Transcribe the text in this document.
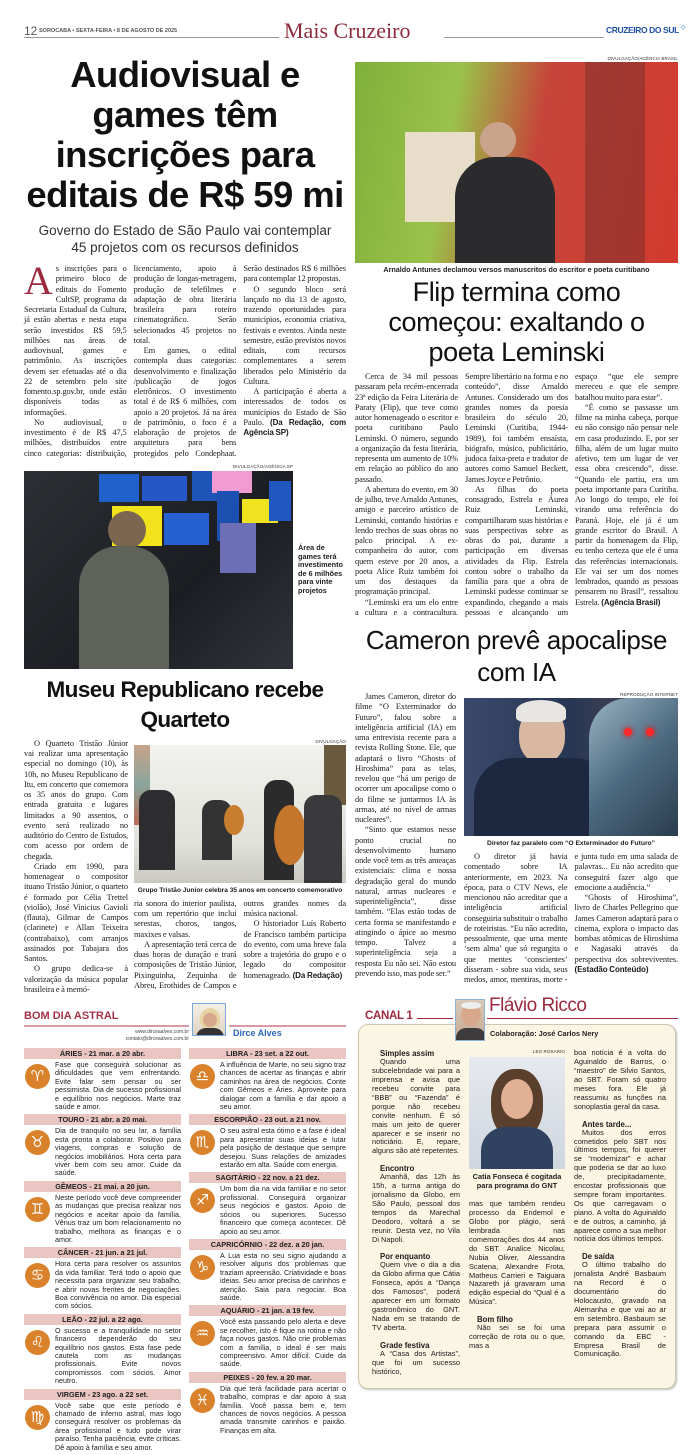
12 SOROCABA • SEXTA-FEIRA • 8 DE AGOSTO DE 2025	Mais Cruzeiro	CRUZEIRO DO SUL ✧
Audiovisual e games têm inscrições para editais de R$ 59 mi
Governo do Estado de São Paulo vai contemplar 45 projetos com os recursos definidos

As inscrições para o primeiro bloco de editais do Fomento CultSP, programa da Secretaria Estadual da Cultura, já estão abertas e nesta etapa serão investidos R$ 59,5 milhões nas áreas de audiovisual, games e patrimônio. As inscrições devem ser efetuadas até o dia 22 de setembro pelo site fomento.sp.gov.br, onde estão disponíveis todas as informações.

No audiovisual, o investimento é de R$ 47,5 milhões, distribuídos entre cinco categorias: distribuição, licenciamento, apoio à produção de longas-metragens, produção de telefilmes e adaptação de obra literária brasileira para roteiro cinematográfico. Serão selecionados 45 projetos no total.

Em games, o edital contempla duas categorias: desenvolvimento e finalização /publicação de jogos eletrônicos. O investimento total é de R$ 6 milhões, com apoio a 20 projetos. Já na área de patrimônio, o foco é a elaboração de projetos de arquitetura para bens protegidos pelo Condephaat. Serão destinados R$ 6 milhões para contemplar 12 propostas.

O segundo bloco será lançado no dia 13 de agosto, trazendo oportunidades para municípios, economia criativa, festivais e eventos. Ainda neste semestre, estão previstos novos editais, com recursos complementares a serem liberados pelo Ministério da Cultura.

A participação é aberta a interessados de todos os municípios do Estado de São Paulo. (Da Redação, com Agência SP)

DIVULGAÇÃO/AGÊNCIA SP
Área de games terá investimento de 6 milhões para vinte projetos
Museu Republicano recebe Quarteto

O Quarteto Tristão Júnior vai realizar uma apresentação especial no domingo (10), às 10h, no Museu Republicano de Itu, em concerto que comemora os 35 anos do grupo. Com entrada gratuita e lugares limitados a 90 assentos, o evento será realizado no auditório do Centro de Estudos, com acesso por ordem de chegada.

Criado em 1990, para homenagear o compositor ituano Tristão Júnior, o quarteto é formado por Célia Trettel (violão), José Vinicius Gavioli (flauta), Gilmar de Campos (clarinete) e Allan Teixeira (contrabaixo), com arranjos assinados por Tabajara dos Santos.

O grupo dedica-se à valorização da música popular brasileira e à memó-

DIVULGAÇÃO
Grupo Tristão Junior celebra 35 anos em concerto comemorativo

ria sonora do interior paulista, com um repertório que inclui serestas, choros, tangos, maxixes e valsas.

A apresentação terá cerca de duas horas de duração e trará composições de Tristão Júnior, Pixinguinha, Zequinha de Abreu, Erothides de Campos e outros grandes nomes da música nacional.

O historiador Luís Roberto de Francisco também participa do evento, com uma breve fala sobre a trajetória do grupo e o legado do compositor homenageado. (Da Redação)

BOM DIA ASTRAL
www.dirceaalves.com.br
contato@dirceaalves.com.br
Dirce Alves
ÁRIES - 21 mar. a 20 abr.
♈
Fase que conseguirá solucionar as dificuldades que vem enfrentando. Evite falar sem pensar ou ser pessimista. Dia de sucesso profissional e equilíbrio nos negócios. Marte traz saúde e amor.
TOURO - 21 abr. a 20 mai.
♉
Dia de tranquilo no seu lar, a família esta pronta a colaborar. Positivo para viagens, compras e solução de negócios imobiliários. Hora certa para viver bem com seu amor. Cuide da saúde.
GÊMEOS - 21 mai. a 20 jun.
♊
Neste período você deve compreender as mudanças que precisa realizar nos negócios e aceitar apoio da família. Vênus traz um bom relacionamento no trabalho, melhora as finanças e o amor.
CÂNCER - 21 jun. a 21 jul.
♋
Hora certa para resolver os assuntos da vida familiar. Terá todo o apoio que necessita para organizar seu trabalho, e abrir novas frentes de negociações. Boa convivência no amor. Dia especial com sócios.
LEÃO - 22 jul. a 22 ago.
♌
O sucesso e a tranquilidade no setor financeiro dependerão do seu equilíbrio nos gastos. Esta fase pede cautela com as mudanças profissionais. Evite novos compromissos com sócios. Amor neutro.
VIRGEM - 23 ago. a 22 set.
♍
Você sabe que este período é chamado de inferno astral, mas logo conseguirá resolver os problemas da área profissional e tudo pode virar paraíso. Tenha paciência, evite críticas. Dê apoio à família e seu amor.
LIBRA - 23 set. a 22 out.
♎
A influência de Marte, no seu signo traz chances de acertar as finanças e abrir caminhos na área de negócios. Conte com Gêmeos e Áries. Aproveite para dialogar com a família e dar apoio a seu amor.
ESCORPIÃO - 23 out. a 21 nov.
♏
O seu astral esta ótimo e a fase é ideal para apresentar suas ideias e lutar pela posição de destaque que sempre desejou. Suas relações de amizades estarão em alta. Saúde com energia.
SAGITÁRIO - 22 nov. a 21 dez.
♐
Um bom dia na vida familiar e no setor profissional. Conseguirá organizar seus negócios e gastos. Apoio de sócios ou superiores. Sucesso financeiro que começa acontecer. Dê apoio ao seu amor.
CAPRICÓRNIO - 22 dez. a 20 jan.
♑
A Lua esta no seu signo ajudando a resolver alguns dos problemas que traziam apreensão. Criatividade e boas ideias. Seu amor precisa de carinhos e atenção. Saia para negociar. Boa saúde.
AQUÁRIO - 21 jan. a 19 fev.
♒
Você esta passando pelo alerta e deve se recolher, isto é fique na rotina e não faça novos gastos. Não crie problemas com a família, o ideal é ser mais compreensivo. Amor difícil. Cuide da saúde.
PEIXES - 20 fev. a 20 mar.
♓
Dia que terá facilidade para acertar o trabalho, compras e dar apoio à sua família. Você passa bem e, tem chances de novos negócios. A pessoa amada transmite carinhos e paixão. Finanças em alta.
DIVULGAÇÃO/AGÊNCIA BRASIL
Arnaldo Antunes declamou versos manuscritos do escritor e poeta curitibano
Flip termina como começou: exaltando o poeta Leminski

Cerca de 34 mil pessoas passaram pela recém-encerrada 23ª edição da Feira Literária de Paraty (Flip), que teve como autor homenageado o escritor e poeta curitibano Paulo Leminski. O número, segundo a organização da festa literária, representa um aumento de 10% em relação ao público do ano passado.

A abertura do evento, em 30 de julho, teve Arnaldo Antunes, amigo e parceiro artístico de Leminski, contando histórias e lendo trechos de suas obras no palco principal. A ex-companheira do autor, com quem esteve por 20 anos, a poeta Alice Ruiz também foi um dos destaques da programação principal.

“Leminski era um elo entre a cultura e a contracultura. Sempre libertário na forma e no conteúdo”, disse Arnaldo Antunes. Considerado um dos grandes nomes da poesia brasileira do século 20, Leminski (Curitiba, 1944-1989), foi também ensaísta, biógrafo, músico, publicitário, judoca faixa-preta e tradutor de autores como Samuel Beckett, James Joyce e Petrônio.

As filhas do poeta consagrado, Estrela e Áurea Ruiz Leminski, compartilharam suas histórias e suas perspectivas sobre as obras do pai, durante a participação em diversas atividades da Flip. Estrela contou sobre o trabalho da família para que a obra de Leminski pudesse continuar se expandindo, chegando a mais pessoas e alcançando um espaço “que ele sempre mereceu e que ele sempre batalhou muito para estar”.

“É como se passasse um filme na minha cabeça, porque eu não consigo não pensar nele em casa produzindo. E, por ser filha, além de um lugar muito afetivo, tem um lugar de ver essa obra crescendo”, disse. “Quando ele partiu, era um poeta importante para Curitiba. Ao longo do tempo, ele foi virando uma referência do Paraná. Hoje, ele já é um grande escritor do Brasil. A partir da homenagem da Flip, eu tenho certeza que ele é uma das referências internacionais. Ele vai ser um dos nomes lembrados, quando as pessoas pensarem no Brasil”, ressaltou Estrela. (Agência Brasil)

Cameron prevê apocalipse com IA

James Cameron, diretor do filme “O Exterminador do Futuro”, falou sobre a inteligência artificial (IA) em uma entrevista recente para a revista Rolling Stone. Ele, que adaptará o livro “Ghosts of Hiroshima” para as telas, revelou que “há um perigo de ocorrer um apocalipse como o do filme se juntarmos IA às armas, até no nível de armas nucleares”.

“Sinto que estamos nesse ponto crucial no desenvolvimento humano onde você tem as três ameaças existenciais: clima e nossa degradação geral do mundo natural, armas nucleares e superinteligência”, disse também. “Elas estão todas de certa forma se manifestando e atingindo o ápice ao mesmo tempo. Talvez a superinteligência seja a resposta Eu não sei. Não estou prevendo isso, mas pode ser.”

REPRODUÇÃO INTERNET
Diretor faz paralelo com “O Exterminador do Futuro”

O diretor já havia comentado sobre IA anteriormente, em 2023. Na época, para o CTV News, ele mencionou não acreditar que a inteligência artificial conseguiria substituir o trabalho de roteiristas. “Eu não acredito, pessoalmente, que uma mente ‘sem alma’ que só regurgita o que mentes ‘conscientes’ disseram - sobre sua vida, seus medos, amor, mentiras, morte - e junta tudo em uma salada de palavras... Eu não acredito que conseguirá fazer algo que emocione a audiência.”

“Ghosts of Hiroshima”, livro de Charles Pellegrino que James Cameron adaptará para o cinema, explora o impacto das bombas atômicas de Hiroshima e Nagasaki através da perspectiva dos sobreviventes. (Estadão Conteúdo)

CANAL 1	Flávio Ricco
Colaboração: José Carlos Nery
Simples assim

Quando uma subcelebridade vai para a imprensa e avisa que recebeu convite para “BBB” ou “Fazenda” é porque não recebeu convite nenhum. É só mais um jeito de querer aparecer e se inserir no noticiário. E, repare, alguns são até repetentes.

Encontro

Amanhã, das 12h às 15h, a turma antiga do jornalismo da Globo, em São Paulo, pessoal dos tempos da Marechal Deodoro, voltará a se reunir. Desta vez, no Vila Di Napoli.

Por enquanto

Quem vive o dia a dia da Globo afirma que Cátia Fonseca, após a “Dança dos Famosos”, poderá aparecer em um formato gastronômico do GNT. Nada em se tratando de TV aberta.

Grade festiva

A “Casa dos Artistas”, que foi um sucesso histórico,

LEO ROSARIO
Catia Fonseca é cogitada para programa do GNT

mas que também rendeu processo da Endemol e Globo por plágio, será lembrada nas comemorações dos 44 anos do SBT. Analice Nicolau, Nubia Oliver, Alessandra Scatena, Alexandre Frota, Matheus Carrieri e Taiguara Nazareth já gravaram uma edição especial do “Qual é a Música”.

Bom filho

Não sei se foi uma correção de rota ou o que, mas a

boa notícia é a volta do Aguinaldo de Barros, o “maestro” de Silvio Santos, ao SBT. Foram só quatro meses fora. Ele já reassumiu as funções na sonoplastia geral da casa.

Antes tarde...

Muitos dos erros cometidos pelo SBT nos últimos tempos, foi querer se “modernizar” e achar que poderia se dar ao luxo de, precipitadamente, encostar profissionais que sempre foram importantes. Os que carregavam o piano. A volta do Aguinaldo e de outros, a caminho, já aparece como a sua melhor notícia dos últimos tempos.

De saída

O último trabalho do jornalista André Basbaum na Record é o documentário do Holocausto, gravado na Alemanha e que vai ao ar em setembro. Basbaum se prepara para assumir o comando da EBC - Empresa Brasil de Comunicação.
